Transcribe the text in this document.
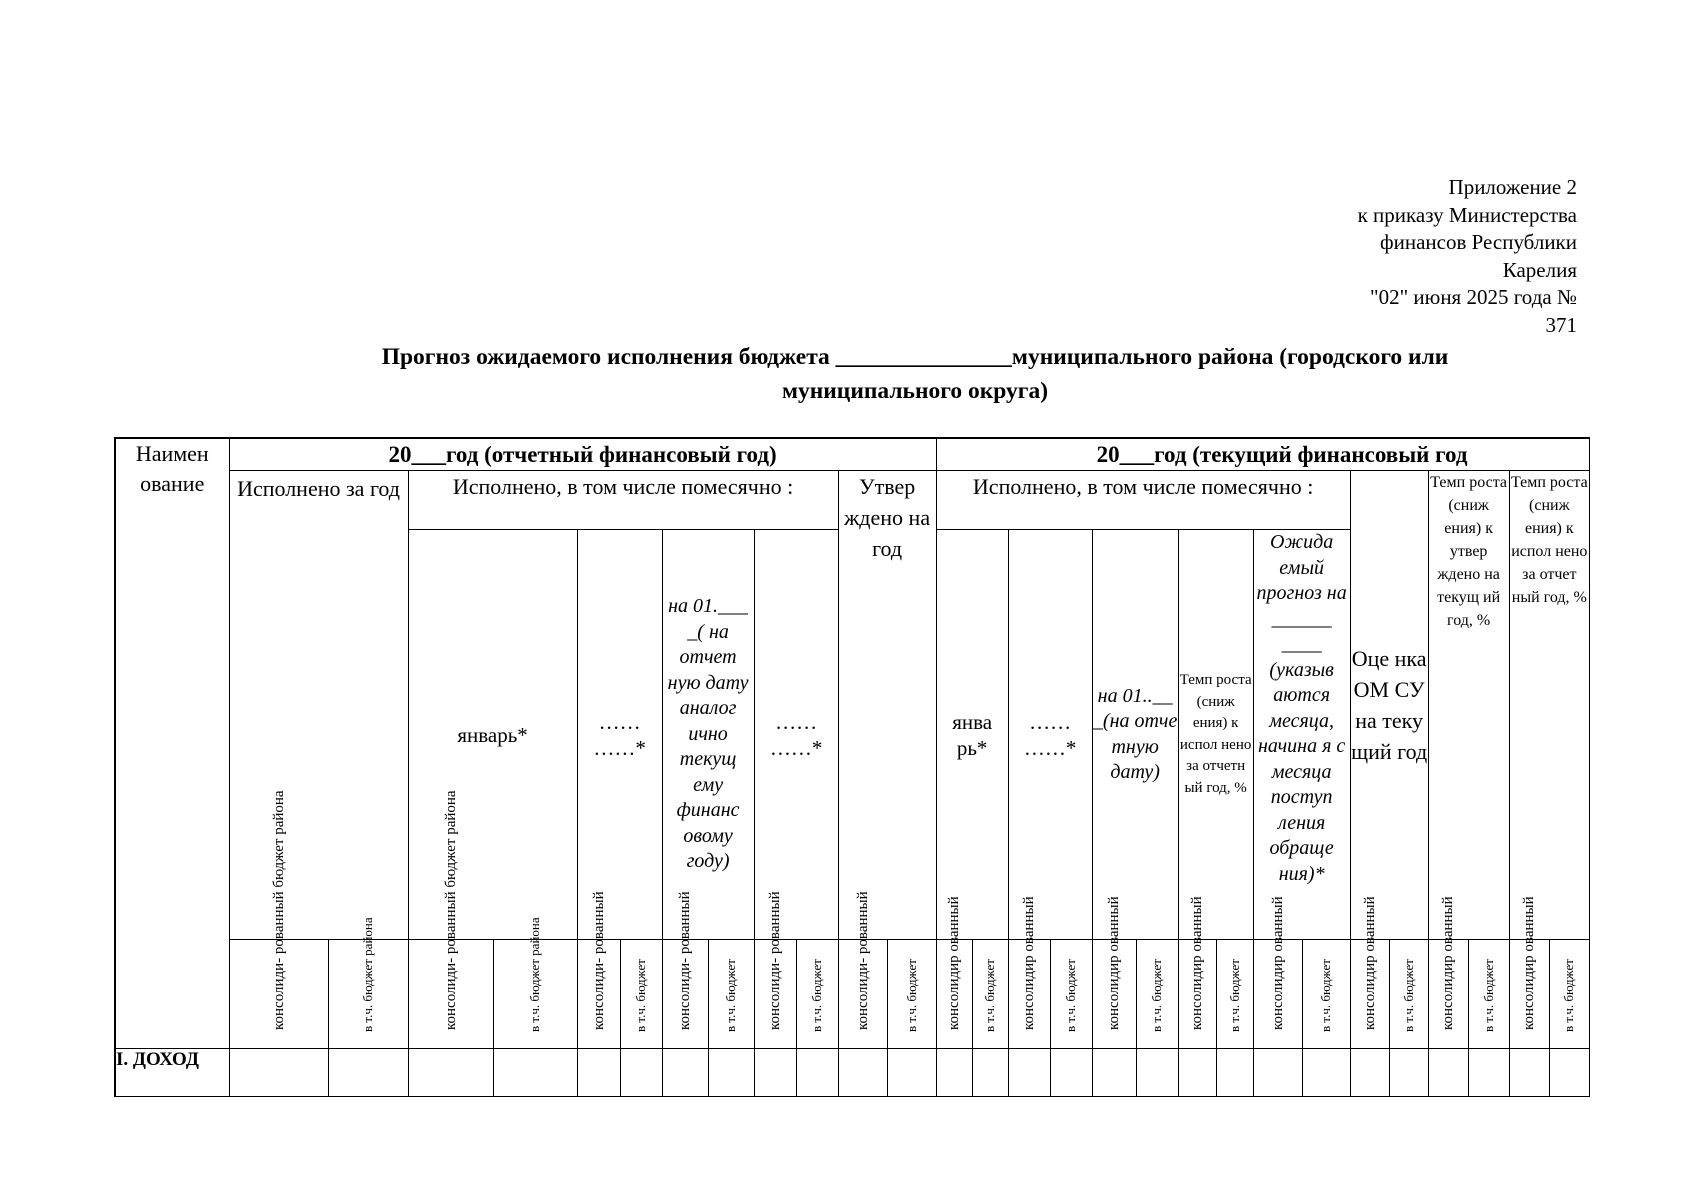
Приложение 2
к приказу Министерства
финансов Республики
Карелия
"02" июня 2025 года №
371
Прогноз ожидаемого исполнения бюджета _______________муниципального района (городского или
муниципального округа)
Наимен ование	20___год (отчетный финансовый год)												20___год (текущий финансовый год															
	Исполнено за год		Исполнено, в том числе помесячно :								Утвер ждено на год		Исполнено, в том числе помесячно :										Оце нка ОМ СУ на теку щий год		Темп роста (сниж ения) к утвер ждено на текущ ий год, %		Темп роста (сниж ения) к испол нено за отчет ный год, %	
			январь*		…… ……*		на 01.___ _( на отчет ную дату аналог ично текущ ему финанс овому году)		…… ……*				янва рь*		…… ……*		на 01..__ _(на отче тную дату)		Темп роста (сниж ения) к испол нено за отчетн ый год, %		Ожида емый прогноз на ______ ____ (указыв аются месяца, начина я с месяца поступ ления обраще ния)*							

	консолиди- рованный бюджет района	в т.ч. бюджет района	консолиди- рованный бюджет района	в т.ч. бюджет района	консолиди- рованный	в т.ч. бюджет	консолиди- рованный	в т.ч. бюджет	консолиди- рованный	в т.ч. бюджет	консолиди- рованный	в т.ч. бюджет	консолидир ованный	в т.ч. бюджет	консолидир ованный	в т.ч. бюджет	консолидир ованный	в т.ч. бюджет	консолидир ованный	в т.ч. бюджет	консолидир ованный	в т.ч. бюджет	консолидир ованный	в т.ч. бюджет	консолидир ованный	в т.ч. бюджет	консолидир ованный	в т.ч. бюджет

I. ДОХОД																												
